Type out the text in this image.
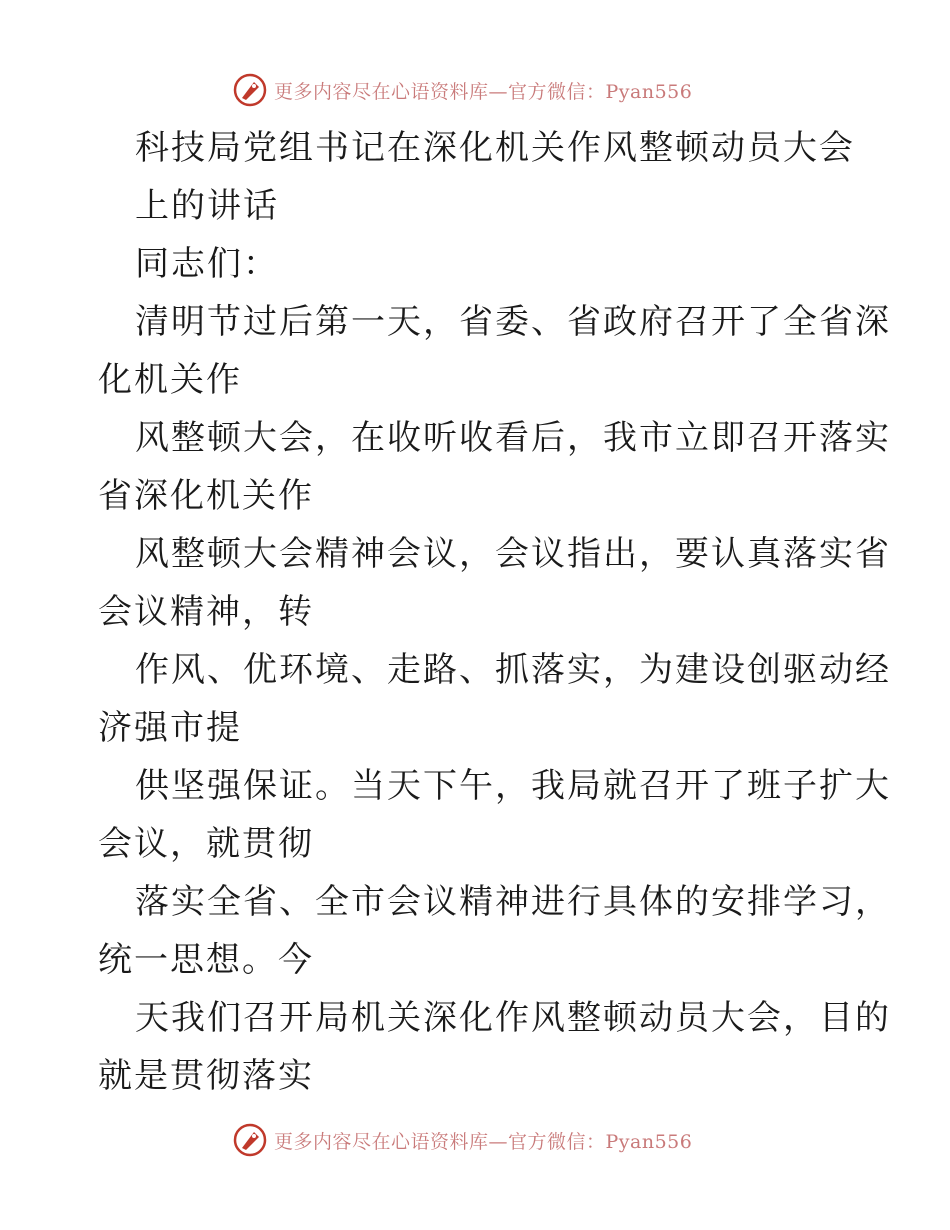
更多内容尽在心语资料库—官方微信：Pyan556
科技局党组书记在深化机关作风整顿动员大会
上的讲话
同志们：
清明节过后第一天，省委、省政府召开了全省深
化机关作
风整顿大会，在收听收看后，我市立即召开落实
省深化机关作
风整顿大会精神会议，会议指出，要认真落实省
会议精神，转
作风、优环境、走路、抓落实，为建设创驱动经
济强市提
供坚强保证。当天下午，我局就召开了班子扩大
会议，就贯彻
落实全省、全市会议精神进行具体的安排学习，
统一思想。今
天我们召开局机关深化作风整顿动员大会，目的
就是贯彻落实
更多内容尽在心语资料库—官方微信：Pyan556
